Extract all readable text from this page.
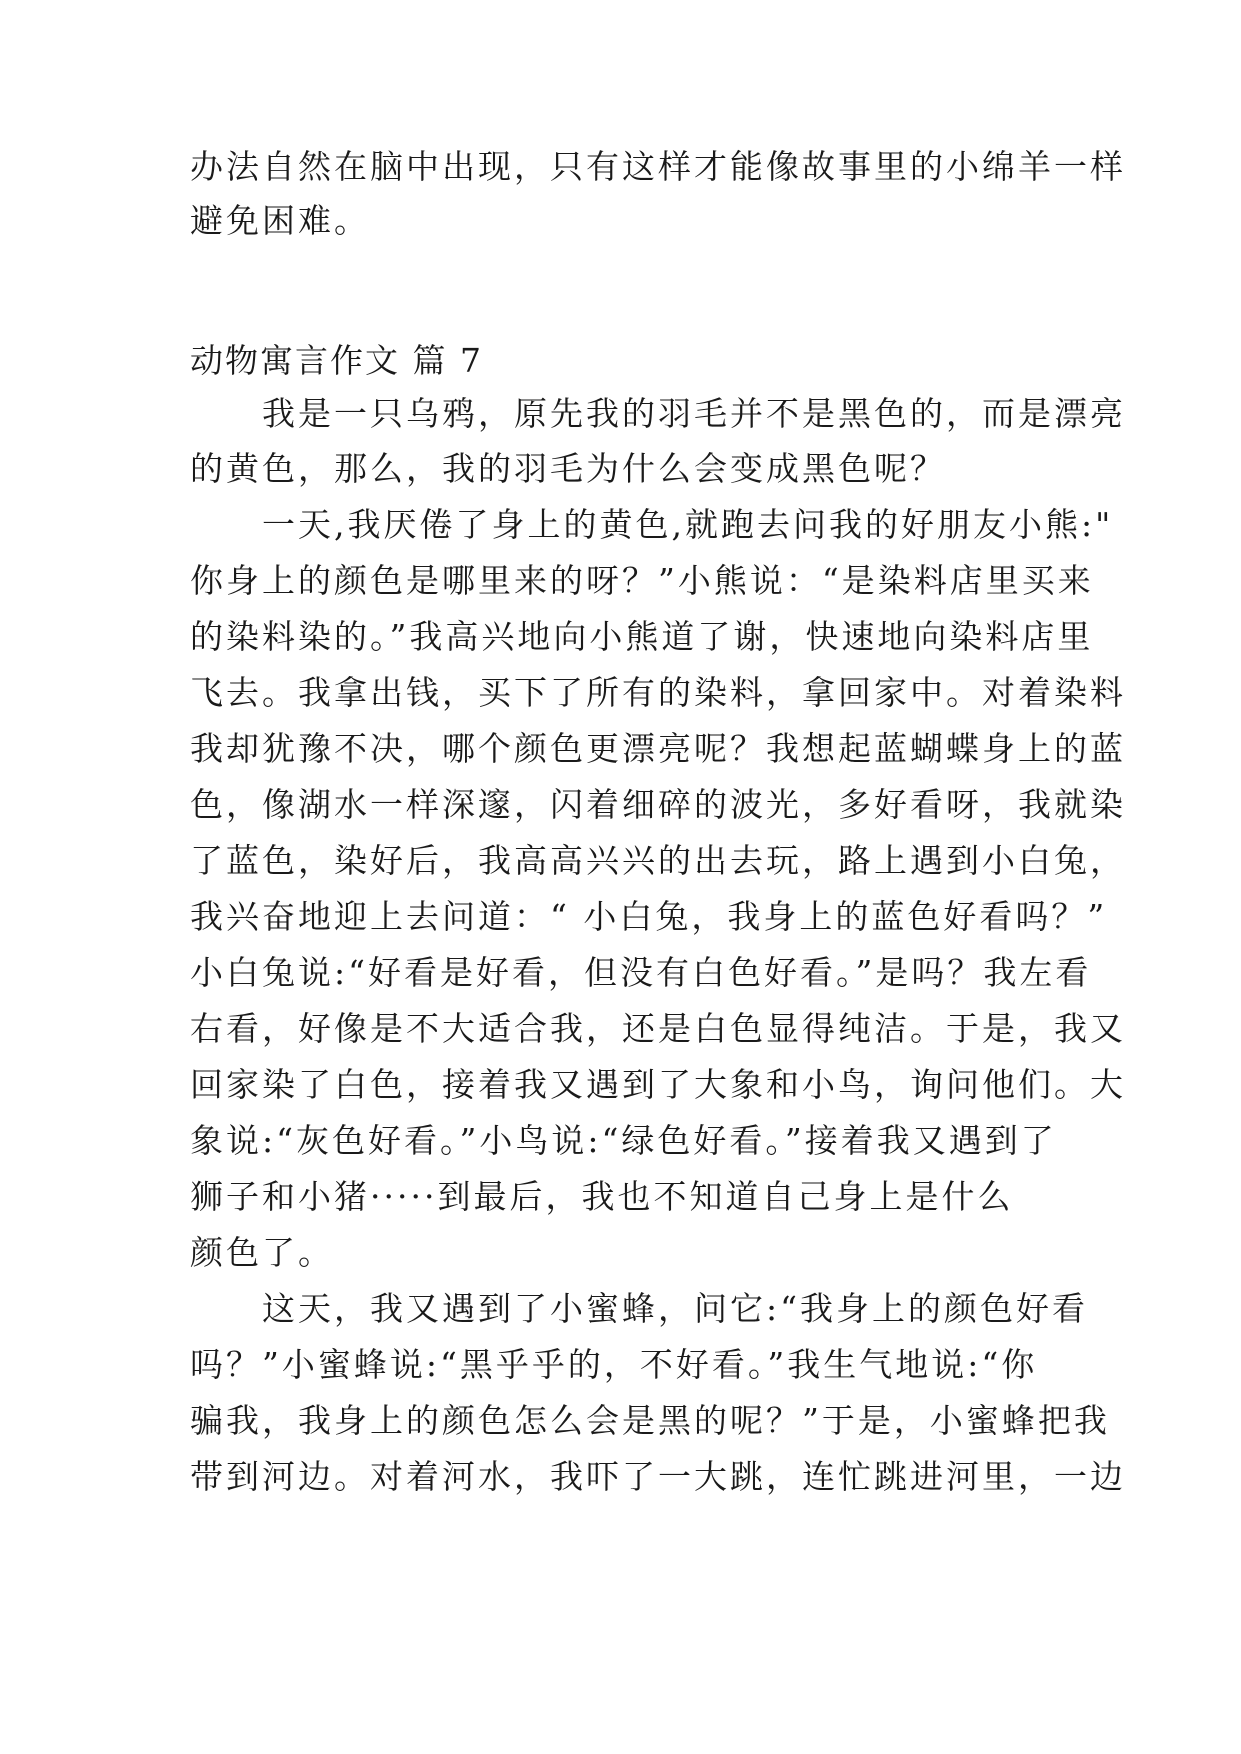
办法自然在脑中出现，只有这样才能像故事里的小绵羊一样
避免困难。
动物寓言作文 篇 7
　　我是一只乌鸦，原先我的羽毛并不是黑色的，而是漂亮
的黄色，那么，我的羽毛为什么会变成黑色呢？
　　一天,我厌倦了身上的黄色,就跑去问我的好朋友小熊:"
你身上的颜色是哪里来的呀？”小熊说：“是染料店里买来
的染料染的。”我高兴地向小熊道了谢，快速地向染料店里
飞去。我拿出钱，买下了所有的染料，拿回家中。对着染料
我却犹豫不决，哪个颜色更漂亮呢？我想起蓝蝴蝶身上的蓝
色，像湖水一样深邃，闪着细碎的波光，多好看呀，我就染
了蓝色，染好后，我高高兴兴的出去玩，路上遇到小白兔，
我兴奋地迎上去问道：“ 小白兔，我身上的蓝色好看吗？”
小白兔说:“好看是好看，但没有白色好看。”是吗？我左看
右看，好像是不大适合我，还是白色显得纯洁。于是，我又
回家染了白色，接着我又遇到了大象和小鸟，询问他们。大
象说:“灰色好看。”小鸟说:“绿色好看。”接着我又遇到了
狮子和小猪·····到最后，我也不知道自己身上是什么
颜色了。
　　这天，我又遇到了小蜜蜂，问它:“我身上的颜色好看
吗？”小蜜蜂说:“黑乎乎的，不好看。”我生气地说:“你
骗我，我身上的颜色怎么会是黑的呢？”于是，小蜜蜂把我
带到河边。对着河水，我吓了一大跳，连忙跳进河里，一边
